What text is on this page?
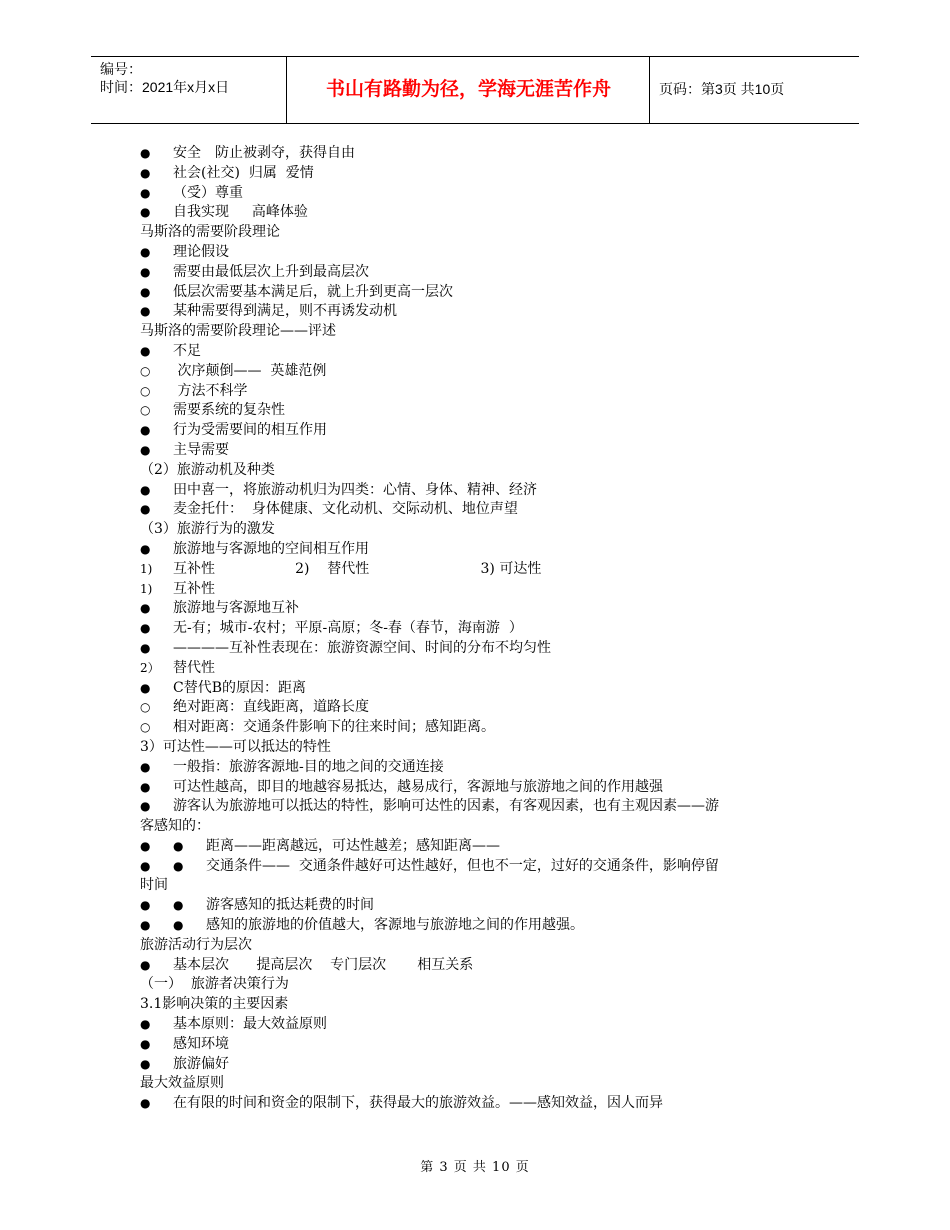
编号：
时间：2021年x月x日	书山有路勤为径，学海无涯苦作舟	页码：第3页 共10页
●	安全　防止被剥夺，获得自由
●	社会(社交)  归属  爱情
●	（受）尊重
●	自我实现　  高峰体验
马斯洛的需要阶段理论
●	理论假设
●	需要由最低层次上升到最高层次
●	低层次需要基本满足后，就上升到更高一层次
●	某种需要得到满足，则不再诱发动机
马斯洛的需要阶段理论——评述
●	不足
○	次序颠倒——  英雄范例
○	方法不科学
○	需要系统的复杂性
●	行为受需要间的相互作用
●	主导需要
（2）旅游动机及种类
●	田中喜一，将旅游动机归为四类：心情、身体、精神、经济
●	麦金托什：  身体健康、文化动机、交际动机、地位声望
（3）旅游行为的激发
●	旅游地与客源地的空间相互作用
1)	互补性                  2)    替代性                         3) 可达性
1)	互补性
●	旅游地与客源地互补
●	无-有；城市-农村；平原-高原；冬-春（春节，海南游  ）
●	————互补性表现在：旅游资源空间、时间的分布不均匀性
2） 替代性
●	C替代B的原因：距离
○	绝对距离：直线距离，道路长度
○	相对距离：交通条件影响下的往来时间；感知距离。
3）可达性——可以抵达的特性
●	一般指：旅游客源地-目的地之间的交通连接
●	可达性越高，即目的地越容易抵达，越易成行，客源地与旅游地之间的作用越强
●	游客认为旅游地可以抵达的特性，影响可达性的因素，有客观因素，也有主观因素——游
客感知的：
●	●	距离——距离越远，可达性越差；感知距离——
●	●	交通条件——  交通条件越好可达性越好，但也不一定，过好的交通条件，影响停留
时间
●	●	游客感知的抵达耗费的时间
●	●	感知的旅游地的价值越大，客源地与旅游地之间的作用越强。
旅游活动行为层次
●	基本层次　   提高层次    专门层次       相互关系
（一）  旅游者决策行为
3.1影响决策的主要因素
●	基本原则：最大效益原则
●	感知环境
●	旅游偏好
最大效益原则
●	在有限的时间和资金的限制下，获得最大的旅游效益。——感知效益，因人而异
第 3 页 共 10 页
